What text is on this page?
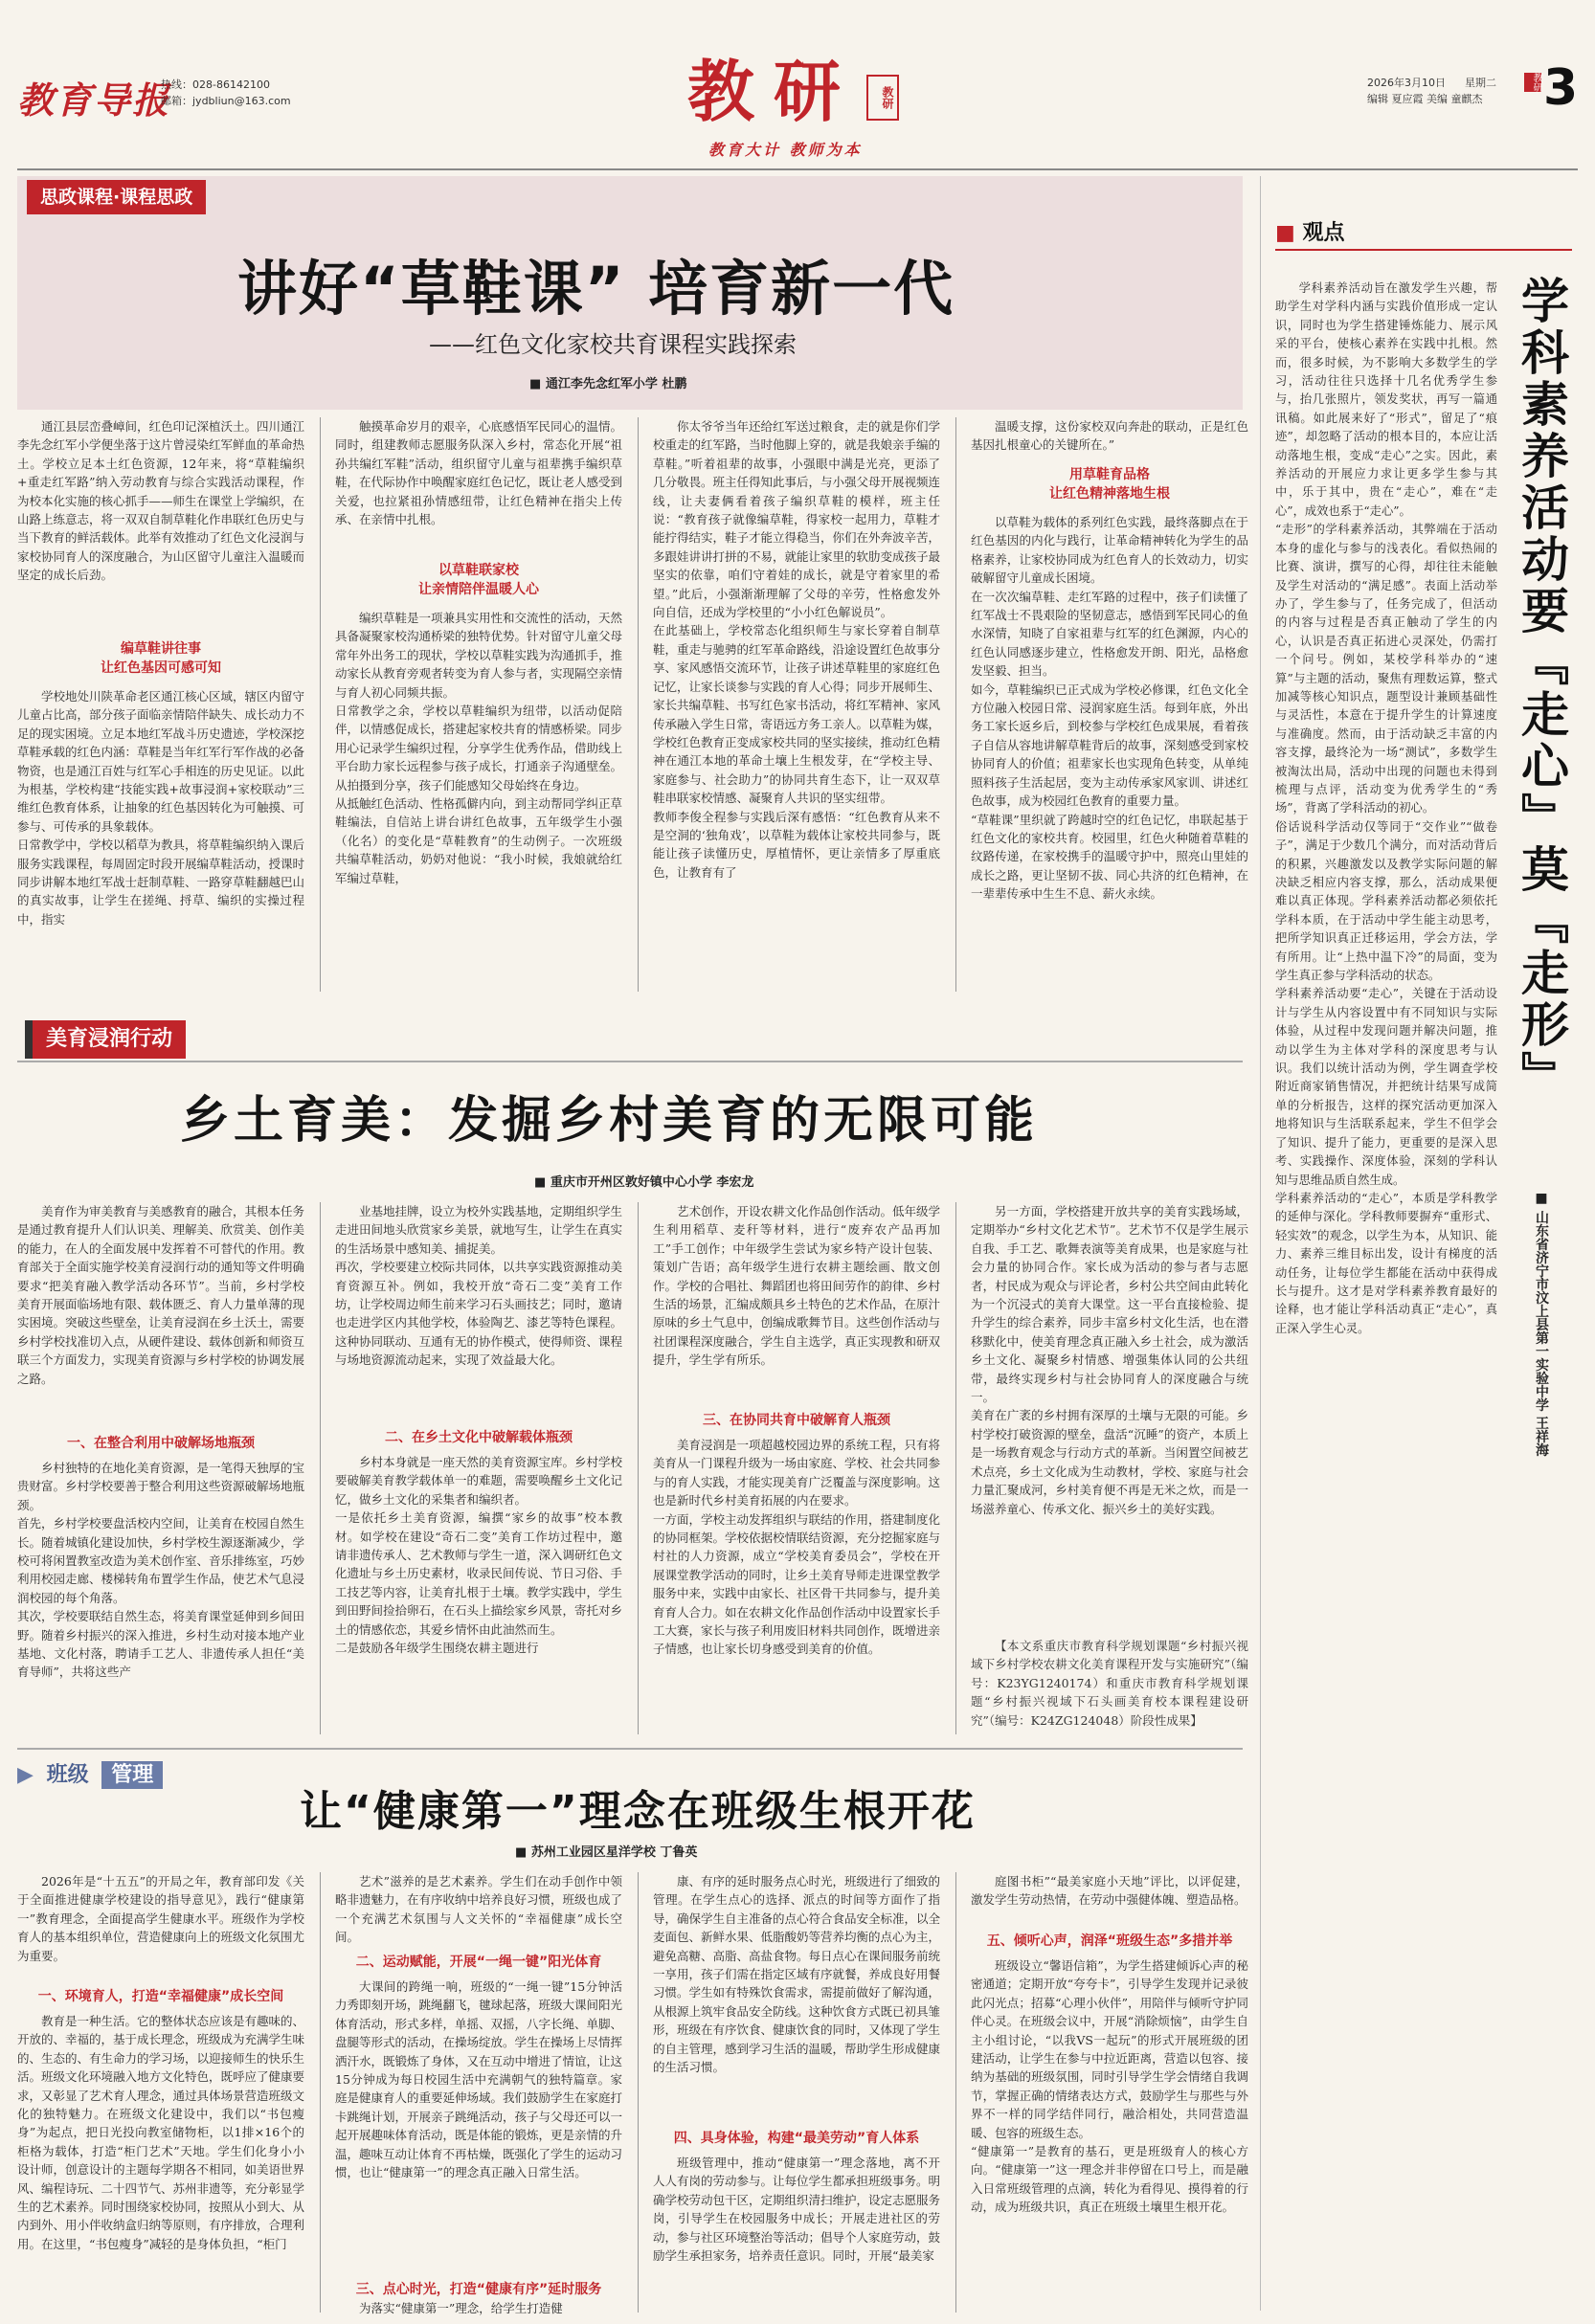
教育导报
热线：028-86142100
邮箱：jydbliun@163.com	教研	教研
教育大计 教师为本
2026年3月10日 星期二
编辑 夏应霞 美编 童麒杰
教研 3
思政课程·课程思政
讲好“草鞋课” 培育新一代
——红色文化家校共育课程实践探索
■ 通江李先念红军小学 杜鹏
通江县层峦叠嶂间，红色印记深植沃土。四川通江李先念红军小学便坐落于这片曾浸染红军鲜血的革命热土。学校立足本土红色资源，12年来，将“草鞋编织+重走红军路”纳入劳动教育与综合实践活动课程，作为校本化实施的核心抓手——师生在课堂上学编织，在山路上练意志，将一双双自制草鞋化作串联红色历史与当下教育的鲜活载体。此举有效推动了红色文化浸润与家校协同育人的深度融合，为山区留守儿童注入温暖而坚定的成长后劲。
编草鞋讲往事
让红色基因可感可知
学校地处川陕革命老区通江核心区域，辖区内留守儿童占比高，部分孩子面临亲情陪伴缺失、成长动力不足的现实困境。立足本地红军战斗历史遗迹，学校深挖草鞋承载的红色内涵：草鞋是当年红军行军作战的必备物资，也是通江百姓与红军心手相连的历史见证。以此为根基，学校构建“技能实践+故事浸润+家校联动”三维红色教育体系，让抽象的红色基因转化为可触摸、可参与、可传承的具象载体。
日常教学中，学校以稻草为教具，将草鞋编织纳入课后服务实践课程，每周固定时段开展编草鞋活动，授课时同步讲解本地红军战士赶制草鞋、一路穿草鞋翻越巴山的真实故事，让学生在搓绳、捋草、编织的实操过程中，指实
触摸革命岁月的艰辛，心底感悟军民同心的温情。同时，组建教师志愿服务队深入乡村，常态化开展“祖孙共编红军鞋”活动，组织留守儿童与祖辈携手编织草鞋，在代际协作中唤醒家庭红色记忆，既让老人感受到关爱，也拉紧祖孙情感纽带，让红色精神在指尖上传承、在亲情中扎根。
以草鞋联家校
让亲情陪伴温暖人心
编织草鞋是一项兼具实用性和交流性的活动，天然具备凝聚家校沟通桥梁的独特优势。针对留守儿童父母常年外出务工的现状，学校以草鞋实践为沟通抓手，推动家长从教育旁观者转变为育人参与者，实现隔空亲情与育人初心同频共振。
日常教学之余，学校以草鞋编织为纽带，以活动促陪伴，以情感促成长，搭建起家校共育的情感桥梁。同步用心记录学生编织过程，分享学生优秀作品，借助线上平台助力家长远程参与孩子成长，打通亲子沟通壁垒。从拍摄到分享，孩子们能感知父母始终在身边。
从抵触红色活动、性格孤僻内向，到主动帮同学纠正草鞋编法，自信站上讲台讲红色故事，五年级学生小强（化名）的变化是“草鞋教育”的生动例子。一次班级共编草鞋活动，奶奶对他说：“我小时候，我娘就给红军编过草鞋，
你太爷爷当年还给红军送过粮食，走的就是你们学校重走的红军路，当时他脚上穿的，就是我娘亲手编的草鞋。”听着祖辈的故事，小强眼中满是光亮，更添了几分敬畏。班主任得知此事后，与小强父母开展视频连线，让夫妻俩看着孩子编织草鞋的模样，班主任说：“教育孩子就像编草鞋，得家校一起用力，草鞋才能拧得结实，鞋子才能立得稳当，你们在外奔波辛苦，多跟娃讲讲打拼的不易，就能让家里的软肋变成孩子最坚实的依靠，咱们守着娃的成长，就是守着家里的希望。”此后，小强渐渐理解了父母的辛劳，性格愈发外向自信，还成为学校里的“小小红色解说员”。
在此基础上，学校常态化组织师生与家长穿着自制草鞋，重走与驰骋的红军革命路线，沿途设置红色故事分享、家风感悟交流环节，让孩子讲述草鞋里的家庭红色记忆，让家长谈参与实践的育人心得；同步开展师生、家长共编草鞋、书写红色家书活动，将红军精神、家风传承融入学生日常，寄语远方务工亲人。以草鞋为媒，学校红色教育正变成家校共同的坚实接续，推动红色精神在通江本地的革命土壤上生根发芽，在“学校主导、家庭参与、社会助力”的协同共育生态下，让一双双草鞋串联家校情感、凝聚育人共识的坚实纽带。
教师李俊全程参与实践后深有感悟：“红色教育从来不是空洞的‘独角戏’，以草鞋为载体让家校共同参与，既能让孩子读懂历史，厚植情怀，更让亲情多了厚重底色，让教育有了
温暖支撑，这份家校双向奔赴的联动，正是红色基因扎根童心的关键所在。”
用草鞋育品格
让红色精神落地生根
以草鞋为载体的系列红色实践，最终落脚点在于红色基因的内化与践行，让革命精神转化为学生的品格素养，让家校协同成为红色育人的长效动力，切实破解留守儿童成长困境。
在一次次编草鞋、走红军路的过程中，孩子们读懂了红军战士不畏艰险的坚韧意志，感悟到军民同心的鱼水深情，知晓了自家祖辈与红军的红色渊源，内心的红色认同感逐步建立，性格愈发开朗、阳光，品格愈发坚毅、担当。
如今，草鞋编织已正式成为学校必修课，红色文化全方位融入校园日常、浸润家庭生活。每到年底，外出务工家长返乡后，到校参与学校红色成果展，看着孩子自信从容地讲解草鞋背后的故事，深刻感受到家校协同育人的价值；祖辈家长也实现角色转变，从单纯照料孩子生活起居，变为主动传承家风家训、讲述红色故事，成为校园红色教育的重要力量。
“草鞋课”里织就了跨越时空的红色记忆，串联起基于红色文化的家校共育。校园里，红色火种随着草鞋的纹路传递，在家校携手的温暖守护中，照亮山里娃的成长之路，更让坚韧不拔、同心共济的红色精神，在一辈辈传承中生生不息、薪火永续。
美育浸润行动
乡土育美：发掘乡村美育的无限可能
■ 重庆市开州区敦好镇中心小学 李宏龙
美育作为审美教育与美感教育的融合，其根本任务是通过教育提升人们认识美、理解美、欣赏美、创作美的能力，在人的全面发展中发挥着不可替代的作用。教育部关于全面实施学校美育浸润行动的通知等文件明确要求“把美育融入教学活动各环节”。当前，乡村学校美育开展面临场地有限、载体匮乏、育人力量单薄的现实困境。突破这些壁垒，让美育浸润在乡土沃土，需要乡村学校找准切入点，从硬件建设、载体创新和师资互联三个方面发力，实现美育资源与乡村学校的协调发展之路。
一、在整合利用中破解场地瓶颈
乡村独特的在地化美育资源，是一笔得天独厚的宝贵财富。乡村学校要善于整合利用这些资源破解场地瓶颈。
首先，乡村学校要盘活校内空间，让美育在校园自然生长。随着城镇化建设加快，乡村学校生源逐渐减少，学校可将闲置教室改造为美术创作室、音乐排练室，巧妙利用校园走廊、楼梯转角布置学生作品，使艺术气息浸润校园的每个角落。
其次，学校要联结自然生态，将美育课堂延伸到乡间田野。随着乡村振兴的深入推进，乡村生动对接本地产业基地、文化村落，聘请手工艺人、非遗传承人担任“美育导师”，共将这些产
业基地挂牌，设立为校外实践基地，定期组织学生走进田间地头欣赏家乡美景，就地写生，让学生在真实的生活场景中感知美、捕捉美。
再次，学校要建立校际共同体，以共享实践资源推动美育资源互补。例如，我校开放“奇石二变”美育工作坊，让学校周边师生前来学习石头画技艺；同时，邀请也走进学区内其他学校，体验陶艺、漆艺等特色课程。这种协同联动、互通有无的协作模式，使得师资、课程与场地资源流动起来，实现了效益最大化。
二、在乡土文化中破解载体瓶颈
乡村本身就是一座天然的美育资源宝库。乡村学校要破解美育教学载体单一的难题，需要唤醒乡土文化记忆，做乡土文化的采集者和编织者。
一是依托乡土美育资源，编撰“家乡的故事”校本教材。如学校在建设“奇石二变”美育工作坊过程中，邀请非遗传承人、艺术教师与学生一道，深入调研红色文化遗址与乡土历史素材，收录民间传说、节日习俗、手工技艺等内容，让美育扎根于土壤。教学实践中，学生到田野间捡拾卵石，在石头上描绘家乡风景，寄托对乡土的情感依恋，其爱乡情怀由此油然而生。
二是鼓励各年级学生围绕农耕主题进行
艺术创作，开设农耕文化作品创作活动。低年级学生利用稻草、麦秆等材料，进行“废弃农产品再加工”手工创作；中年级学生尝试为家乡特产设计包装、策划广告语；高年级学生进行农耕主题绘画、散文创作。学校的合唱社、舞蹈团也将田间劳作的韵律、乡村生活的场景，汇编成颇具乡土特色的艺术作品，在原汁原味的乡土气息中，创编成歌舞节目。这些创作活动与社团课程深度融合，学生自主选学，真正实现教和研双提升，学生学有所乐。
三、在协同共育中破解育人瓶颈
美育浸润是一项超越校园边界的系统工程，只有将美育从一门课程升级为一场由家庭、学校、社会共同参与的育人实践，才能实现美育广泛覆盖与深度影响。这也是新时代乡村美育拓展的内在要求。
一方面，学校主动发挥组织与联结的作用，搭建制度化的协同框架。学校依据校情联结资源，充分挖掘家庭与村社的人力资源，成立“学校美育委员会”，学校在开展课堂教学活动的同时，让乡土美育导师走进课堂教学服务中来，实践中由家长、社区骨干共同参与，提升美育育人合力。如在农耕文化作品创作活动中设置家长手工大赛，家长与孩子利用废旧材料共同创作，既增进亲子情感，也让家长切身感受到美育的价值。
另一方面，学校搭建开放共享的美育实践场域，定期举办“乡村文化艺术节”。艺术节不仅是学生展示自我、手工艺、歌舞表演等美育成果，也是家庭与社会力量的协同合作。家长成为活动的参与者与志愿者，村民成为观众与评论者，乡村公共空间由此转化为一个沉浸式的美育大课堂。这一平台直接检验、提升学生的综合素养，同步丰富乡村文化生活，也在潜移默化中，使美育理念真正融入乡土社会，成为激活乡土文化、凝聚乡村情感、增强集体认同的公共纽带，最终实现乡村与社会协同育人的深度融合与统一。
美育在广袤的乡村拥有深厚的土壤与无限的可能。乡村学校打破资源的壁垒，盘活“沉睡”的资产，本质上是一场教育观念与行动方式的革新。当闲置空间被艺术点亮，乡土文化成为生动教材，学校、家庭与社会力量汇聚成河，乡村美育便不再是无米之炊，而是一场滋养童心、传承文化、振兴乡土的美好实践。
【本文系重庆市教育科学规划课题“乡村振兴视域下乡村学校农耕文化美育课程开发与实施研究”（编号：K23YG1240174）和重庆市教育科学规划课题“乡村振兴视域下石头画美育校本课程建设研究”（编号：K24ZG124048）阶段性成果】
▶ 班级 管理
让“健康第一”理念在班级生根开花
■ 苏州工业园区星洋学校 丁鲁英
2026年是“十五五”的开局之年，教育部印发《关于全面推进健康学校建设的指导意见》，践行“健康第一”教育理念，全面提高学生健康水平。班级作为学校育人的基本组织单位，营造健康向上的班级文化氛围尤为重要。
一、环境育人，打造“幸福健康”成长空间
教育是一种生活。它的整体状态应该是有趣味的、开放的、幸福的，基于成长理念，班级成为充满学生味的、生态的、有生命力的学习场，以迎接师生的快乐生活。班级文化环境融入地方文化特色，既呼应了健康要求，又彰显了艺术育人理念，通过具体场景营造班级文化的独特魅力。在班级文化建设中，我们以“书包瘦身”为起点，把日光投向教室储物柜，以1排×16个的柜格为载体，打造“柜门艺术”天地。学生们化身小小设计师，创意设计的主题每学期各不相同，如美语世界风、编程诗玩、二十四节气、苏州非遗等，充分彰显学生的艺术素养。同时围绕家校协同，按照从小到大、从内到外、用小伴收纳盒归纳等原则，有序排放，合理利用。在这里，“书包瘦身”减轻的是身体负担，“柜门
艺术”滋养的是艺术素养。学生们在动手创作中领略非遗魅力，在有序收纳中培养良好习惯，班级也成了一个充满艺术氛围与人文关怀的“幸福健康”成长空间。
二、运动赋能，开展“一绳一键”阳光体育
大课间的跨绳一响，班级的“一绳一键”15分钟活力秀即刻开场，跳绳翻飞，毽球起落，班级大课间阳光体育活动，形式多样，单摇、双摇，八字长绳、单脚、盘腿等形式的活动，在操场绽放。学生在操场上尽情挥洒汗水，既锻炼了身体，又在互动中增进了情谊，让这15分钟成为每日校园生活中充满朝气的独特篇章。家庭是健康育人的重要延伸场域。我们鼓励学生在家庭打卡跳绳计划，开展亲子跳绳活动，孩子与父母还可以一起开展趣味体育活动，既是体能的锻炼，更是亲情的升温，趣味互动让体育不再枯燥，既强化了学生的运动习惯，也让“健康第一”的理念真正融入日常生活。
三、点心时光，打造“健康有序”延时服务
为落实“健康第一”理念，给学生打造健
康、有序的延时服务点心时光，班级进行了细致的管理。在学生点心的选择、派点的时间等方面作了指导，确保学生自主准备的点心符合食品安全标准，以全麦面包、新鲜水果、低脂酸奶等营养均衡的点心为主，避免高糖、高脂、高盐食物。每日点心在课间服务前统一享用，孩子们需在指定区域有序就餐，养成良好用餐习惯。学生如有特殊饮食需求，需提前做好了解沟通，从根源上筑牢食品安全防线。这种饮食方式既已初具雏形，班级在有序饮食、健康饮食的同时，又体现了学生的自主管理，感到学习生活的温暖，帮助学生形成健康的生活习惯。
四、具身体验，构建“最美劳动”育人体系
班级管理中，推动“健康第一”理念落地，离不开人人有岗的劳动参与。让每位学生都承担班级事务。明确学校劳动包干区，定期组织清扫维护，设定志愿服务岗，引导学生在校园服务中成长；开展走进社区的劳动，参与社区环境整治等活动；倡导个人家庭劳动，鼓励学生承担家务，培养责任意识。同时，开展“最美家
庭图书柜”“最美家庭小天地”评比，以评促建，激发学生劳动热情，在劳动中强健体魄、塑造品格。
五、倾听心声，润泽“班级生态”多措并举
班级设立“馨语信箱”，为学生搭建倾诉心声的秘密通道；定期开放“夸夸卡”，引导学生发现并记录彼此闪光点；招募“心理小伙伴”，用陪伴与倾听守护同伴心灵。在班级会议中，开展“消除烦恼”，由学生自主小组讨论，“以我VS一起玩”的形式开展班级的团建活动，让学生在参与中拉近距离，营造以包容、接纳为基础的班级氛围，同时引导学生学会情绪自我调节，掌握正确的情绪表达方式，鼓励学生与那些与外界不一样的同学结伴同行，融洽相处，共同营造温暖、包容的班级生态。
“健康第一”是教育的基石，更是班级育人的核心方向。“健康第一”这一理念并非停留在口号上，而是融入日常班级管理的点滴，转化为看得见、摸得着的行动，成为班级共识，真正在班级土壤里生根开花。
■ 观点
学科素养活动要『走心』莫『走形』
■ 山东省济宁市汶上县第一实验中学 王祥海
学科素养活动旨在激发学生兴趣，帮助学生对学科内涵与实践价值形成一定认识，同时也为学生搭建锤炼能力、展示风采的平台，使核心素养在实践中扎根。然而，很多时候，为不影响大多数学生的学习，活动往往只选择十几名优秀学生参与，抬几张照片，领发奖状，再写一篇通讯稿。如此展来好了“形式”，留足了“痕迹”，却忽略了活动的根本目的，本应让活动落地生根，变成“走心”之实。因此，素养活动的开展应力求让更多学生参与其中，乐于其中，贵在“走心”，难在“走心”，成效也系于“走心”。
“走形”的学科素养活动，其弊端在于活动本身的虚化与参与的浅表化。看似热闹的比赛、演讲，撰写的心得，却往往未能触及学生对活动的“满足感”。表面上活动举办了，学生参与了，任务完成了，但活动的内容与过程是否真正触动了学生的内心，认识是否真正拓进心灵深处，仍需打一个问号。例如，某校学科举办的“速算”与主题的活动，聚焦有理数运算，整式加减等核心知识点，题型设计兼顾基础性与灵活性，本意在于提升学生的计算速度与准确度。然而，由于活动缺乏丰富的内容支撑，最终沦为一场“测试”，多数学生被淘汰出局，活动中出现的问题也未得到梳理与点评，活动变为优秀学生的“秀场”，背离了学科活动的初心。
俗话说科学活动仅等同于“交作业”“做卷子”，满足于少数几个满分，而对活动背后的积累，兴趣激发以及教学实际问题的解决缺乏相应内容支撑，那么，活动成果便难以真正体现。学科素养活动都必须依托学科本质，在于活动中学生能主动思考，把所学知识真正迁移运用，学会方法，学有所用。让“上热中温下冷”的局面，变为学生真正参与学科活动的状态。
学科素养活动要“走心”，关键在于活动设计与学生从内容设置中有不同知识与实际体验，从过程中发现问题并解决问题，推动以学生为主体对学科的深度思考与认识。我们以统计活动为例，学生调查学校附近商家销售情况，并把统计结果写成简单的分析报告，这样的探究活动更加深入地将知识与生活联系起来，学生不但学会了知识、提升了能力，更重要的是深入思考、实践操作、深度体验，深刻的学科认知与思维品质自然生成。
学科素养活动的“走心”，本质是学科教学的延伸与深化。学科教师要摒弃“重形式、轻实效”的观念，以学生为本，从知识、能力、素养三维目标出发，设计有梯度的活动任务，让每位学生都能在活动中获得成长与提升。这才是对学科素养教育最好的诠释，也才能让学科活动真正“走心”，真正深入学生心灵。
